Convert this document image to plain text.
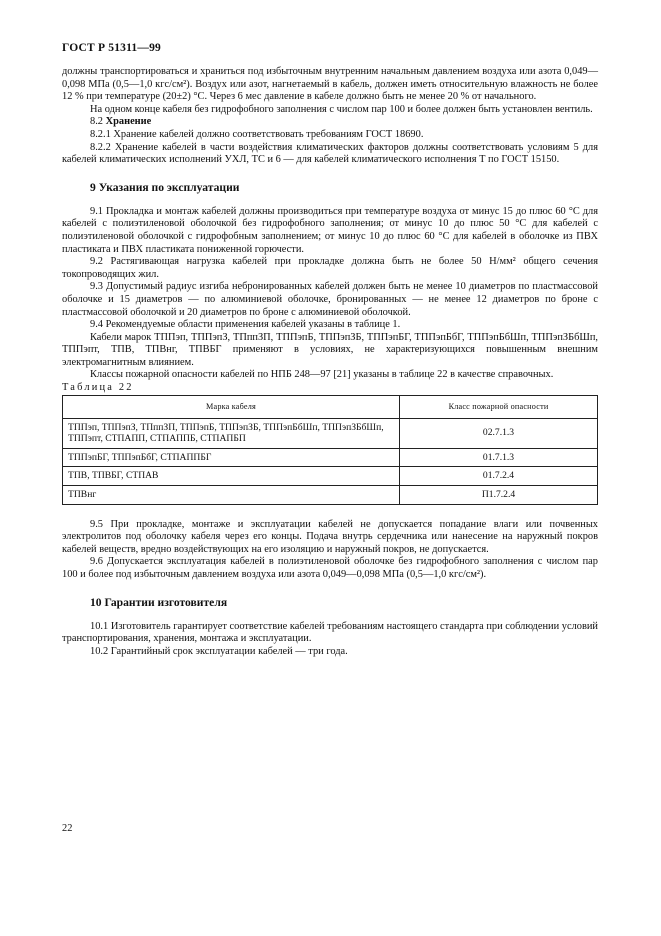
ГОСТ Р 51311—99

должны транспортироваться и храниться под избыточным внутренним начальным давлением воздуха или азота 0,049—0,098 МПа (0,5—1,0 кгс/см²). Воздух или азот, нагнетаемый в кабель, должен иметь относительную влажность не более 12 % при температуре (20±2) °С. Через 6 мес давление в кабеле должно быть не менее 20 % от начального.

На одном конце кабеля без гидрофобного заполнения с числом пар 100 и более должен быть установлен вентиль.

8.2 Хранение

8.2.1 Хранение кабелей должно соответствовать требованиям ГОСТ 18690.

8.2.2 Хранение кабелей в части воздействия климатических факторов должны соответствовать условиям 5 для кабелей климатических исполнений УХЛ, ТС и 6 — для кабелей климатического исполнения Т по ГОСТ 15150.

9 Указания по эксплуатации

9.1 Прокладка и монтаж кабелей должны производиться при температуре воздуха от минус 15 до плюс 60 °С для кабелей с полиэтиленовой оболочкой без гидрофобного заполнения; от минус 10 до плюс 50 °С для кабелей с полиэтиленовой оболочкой с гидрофобным заполнением; от минус 10 до плюс 60 °С для кабелей в оболочке из ПВХ пластиката и ПВХ пластиката пониженной горючести.

9.2 Растягивающая нагрузка кабелей при прокладке должна быть не более 50 Н/мм² общего сечения токопроводящих жил.

9.3 Допустимый радиус изгиба небронированных кабелей должен быть не менее 10 диаметров по пластмассовой оболочке и 15 диаметров — по алюминиевой оболочке, бронированных — не менее 12 диаметров по броне с пластмассовой оболочкой и 20 диаметров по броне с алюминиевой оболочкой.

9.4 Рекомендуемые области применения кабелей указаны в таблице 1.

Кабели марок ТППэп, ТППэпЗ, ТПппЗП, ТППэпБ, ТППэпЗБ, ТППэпБГ, ТППэпБбГ, ТППэпБбШп, ТППэпЗБбШп, ТППэпт, ТПВ, ТПВнг, ТПВБГ применяют в условиях, не характеризующихся повышенным внешним электромагнитным влиянием.

Классы пожарной опасности кабелей по НПБ 248—97 [21] указаны в таблице 22 в качестве справочных.

Таблица 22

Марка кабеля	Класс пожарной опасности
ТППэп, ТППэпЗ, ТПппЗП, ТППэпБ, ТППэпЗБ, ТППэпБбШп, ТППэпЗБбШп, ТППэпт, СТПАПП, СТПАППБ, СТПАПБП	02.7.1.3
ТППэпБГ, ТППэпБбГ, СТПАППБГ	01.7.1.3
ТПВ, ТПВБГ, СТПАВ	01.7.2.4
ТПВнг	П1.7.2.4

9.5 При прокладке, монтаже и эксплуатации кабелей не допускается попадание влаги или почвенных электролитов под оболочку кабеля через его концы. Подача внутрь сердечника или нанесение на наружный покров кабелей веществ, вредно воздействующих на его изоляцию и наружный покров, не допускается.

9.6 Допускается эксплуатация кабелей в полиэтиленовой оболочке без гидрофобного заполнения с числом пар 100 и более под избыточным давлением воздуха или азота 0,049—0,098 МПа (0,5—1,0 кгс/см²).

10 Гарантии изготовителя

10.1 Изготовитель гарантирует соответствие кабелей требованиям настоящего стандарта при соблюдении условий транспортирования, хранения, монтажа и эксплуатации.

10.2 Гарантийный срок эксплуатации кабелей — три года.

22
